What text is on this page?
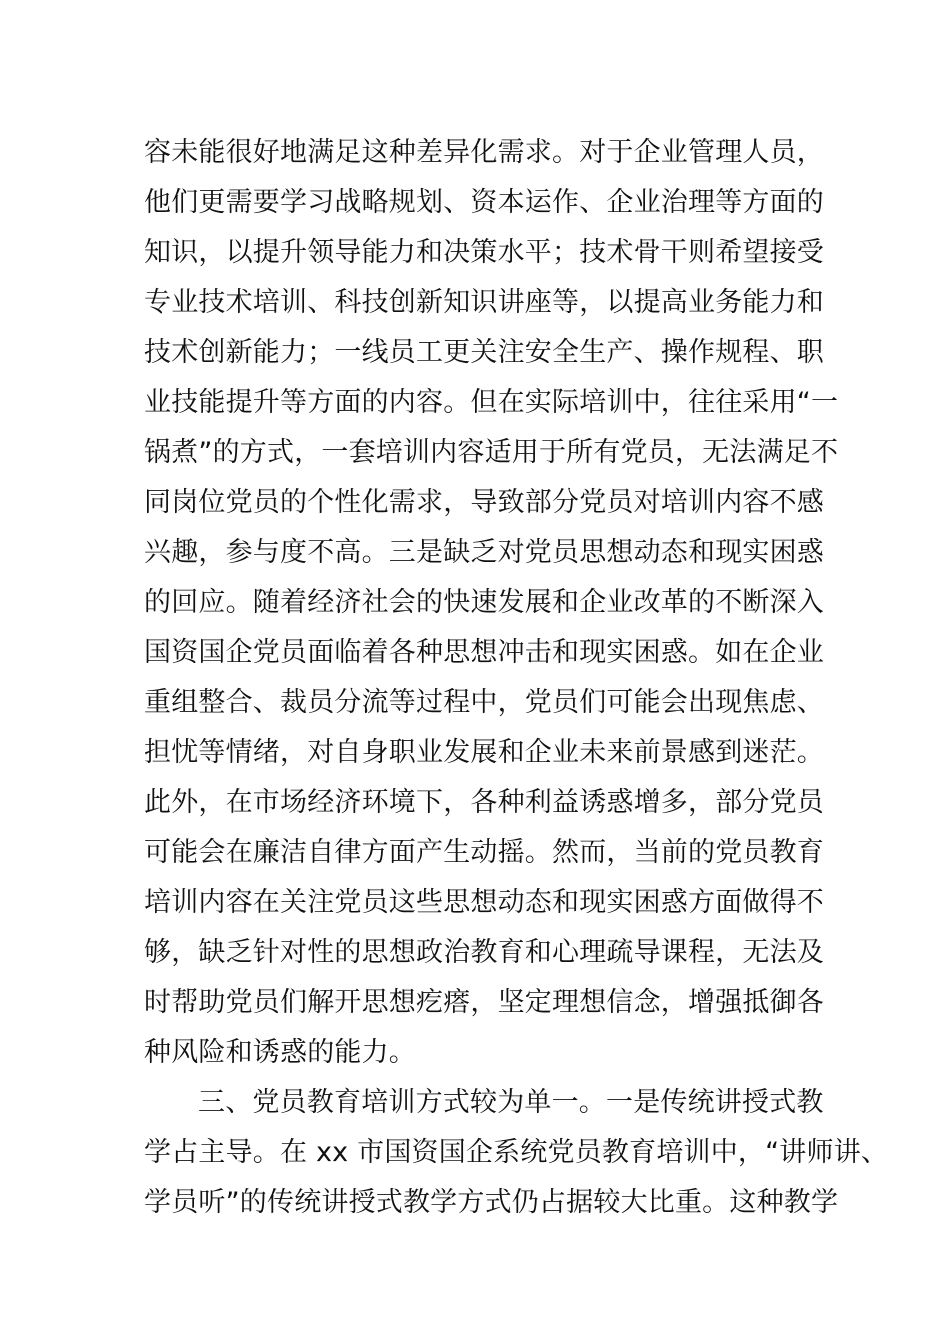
容未能很好地满足这种差异化需求。对于企业管理人员，
他们更需要学习战略规划、资本运作、企业治理等方面的
知识，以提升领导能力和决策水平；技术骨干则希望接受
专业技术培训、科技创新知识讲座等，以提高业务能力和
技术创新能力；一线员工更关注安全生产、操作规程、职
业技能提升等方面的内容。但在实际培训中，往往采用“一
锅煮”的方式，一套培训内容适用于所有党员，无法满足不
同岗位党员的个性化需求，导致部分党员对培训内容不感
兴趣，参与度不高。三是缺乏对党员思想动态和现实困惑
的回应。随着经济社会的快速发展和企业改革的不断深入
国资国企党员面临着各种思想冲击和现实困惑。如在企业
重组整合、裁员分流等过程中，党员们可能会出现焦虑、
担忧等情绪，对自身职业发展和企业未来前景感到迷茫。
此外，在市场经济环境下，各种利益诱惑增多，部分党员
可能会在廉洁自律方面产生动摇。然而，当前的党员教育
培训内容在关注党员这些思想动态和现实困惑方面做得不
够，缺乏针对性的思想政治教育和心理疏导课程，无法及
时帮助党员们解开思想疙瘩，坚定理想信念，增强抵御各
种风险和诱惑的能力。
三、党员教育培训方式较为单一。一是传统讲授式教
学占主导。在 xx 市国资国企系统党员教育培训中，“讲师讲、
学员听”的传统讲授式教学方式仍占据较大比重。这种教学
